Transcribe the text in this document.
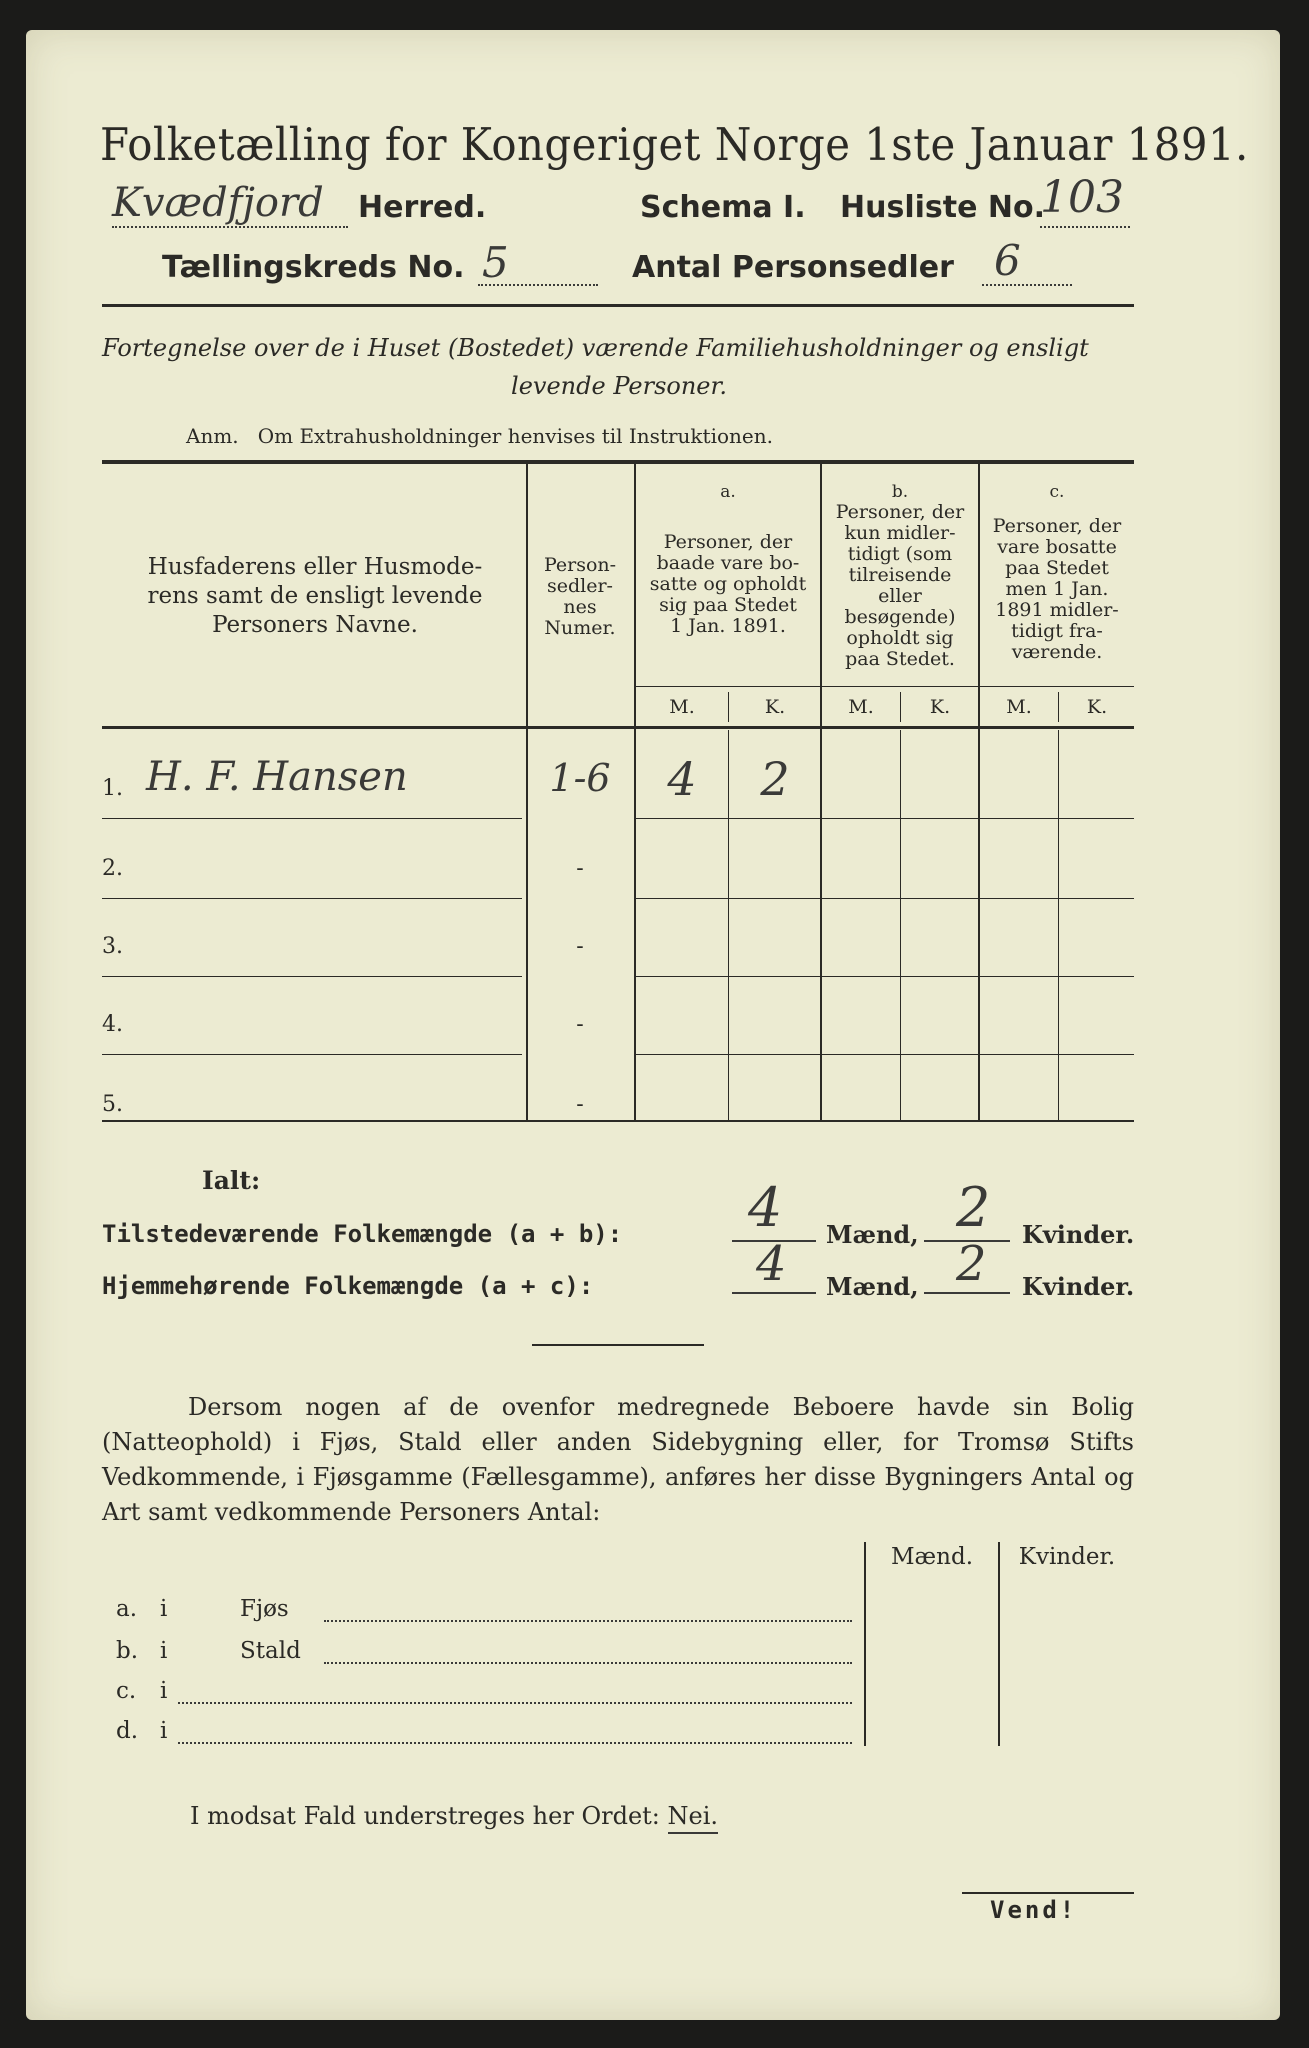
Folketælling for Kongeriget Norge 1ste Januar 1891.
Kvædfjord Herred.	Schema I. Husliste No.
103
Tællingskreds No. 5	Antal Personsedler 6
Fortegnelse over de i Huset (Bostedet) værende Familiehusholdninger og ensligt
levende Personer.
Anm.   Om Extrahusholdninger henvises til Instruktionen.
Husfaderens eller Husmode-
rens samt de ensligt levende
Personers Navne.
Person-
sedler-
nes
Numer.
a.
Personer, der
baade vare bo-
satte og opholdt
sig paa Stedet
1 Jan. 1891.
b.
Personer, der
kun midler-
tidigt (som
tilreisende
eller
besøgende)
opholdt sig
paa Stedet.
c.
Personer, der
vare bosatte
paa Stedet
men 1 Jan.
1891 midler-
tidigt fra-
værende.
M.	K.	M.	K.	M.	K.
1. H. F. Hansen	1-6	4	2
2.	-
3.	-
4.	-
5.	-
Ialt:
Tilstedeværende Folkemængde (a + b): 4 Mænd, 2 Kvinder.
Hjemmehørende Folkemængde (a + c):	4 Mænd, 2 Kvinder.
Dersom nogen af de ovenfor medregnede Beboere havde sin Bolig (Natteophold) i Fjøs, Stald eller anden Sidebygning eller, for Tromsø Stifts Vedkommende, i Fjøsgamme (Fællesgamme), anføres her disse Bygningers Antal og Art samt vedkommende Personers Antal:
Mænd.	Kvinder.
a. i	Fjøs
b. i	Stald
c. i
d. i
I modsat Fald understreges her Ordet: Nei.
Vend!
